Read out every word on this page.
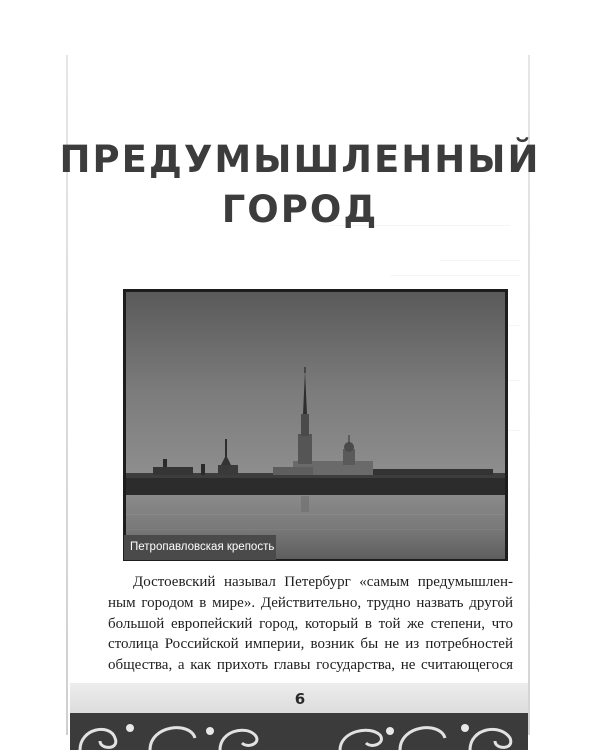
ПРЕДУМЫШЛЕННЫЙ
ГОРОД
Петропавловская крепость

Достоевский называл Петербург «самым предумышлен-
ным городом в мире». Действительно, трудно назвать другой
большой европейский город, который в той же степени, что
столица Российской империи, возник бы не из потребностей
общества, а как прихоть главы государства, не считающегося

6
